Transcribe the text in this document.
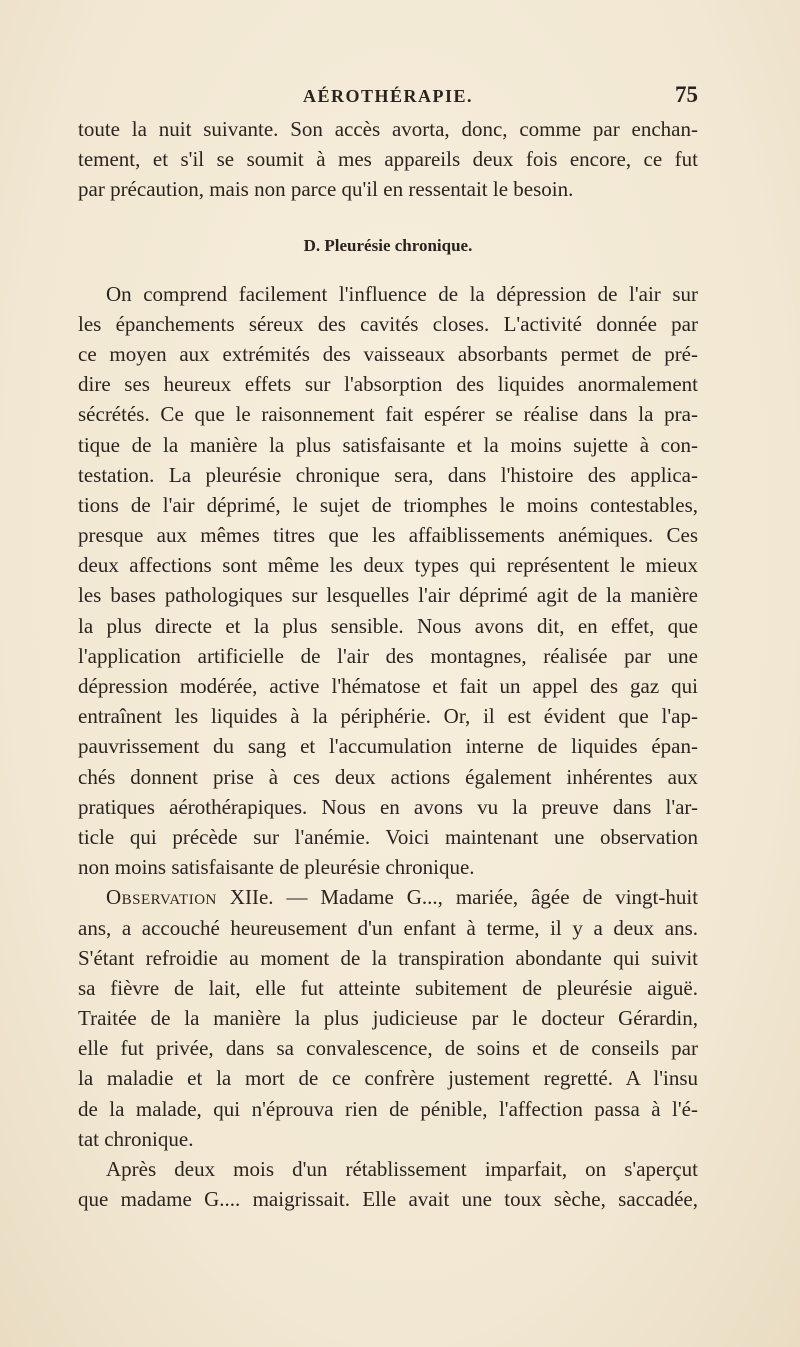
AÉROTHÉRAPIE.	75
toute la nuit suivante. Son accès avorta, donc, comme par enchan-
tement, et s'il se soumit à mes appareils deux fois encore, ce fut
par précaution, mais non parce qu'il en ressentait le besoin.
D. Pleurésie chronique.
On comprend facilement l'influence de la dépression de l'air sur
les épanchements séreux des cavités closes. L'activité donnée par
ce moyen aux extrémités des vaisseaux absorbants permet de pré-
dire ses heureux effets sur l'absorption des liquides anormalement
sécrétés. Ce que le raisonnement fait espérer se réalise dans la pra-
tique de la manière la plus satisfaisante et la moins sujette à con-
testation. La pleurésie chronique sera, dans l'histoire des applica-
tions de l'air déprimé, le sujet de triomphes le moins contestables,
presque aux mêmes titres que les affaiblissements anémiques. Ces
deux affections sont même les deux types qui représentent le mieux
les bases pathologiques sur lesquelles l'air déprimé agit de la manière
la plus directe et la plus sensible. Nous avons dit, en effet, que
l'application artificielle de l'air des montagnes, réalisée par une
dépression modérée, active l'hématose et fait un appel des gaz qui
entraînent les liquides à la périphérie. Or, il est évident que l'ap-
pauvrissement du sang et l'accumulation interne de liquides épan-
chés donnent prise à ces deux actions également inhérentes aux
pratiques aérothérapiques. Nous en avons vu la preuve dans l'ar-
ticle qui précède sur l'anémie. Voici maintenant une observation
non moins satisfaisante de pleurésie chronique.
Observation XIIe. — Madame G..., mariée, âgée de vingt-huit
ans, a accouché heureusement d'un enfant à terme, il y a deux ans.
S'étant refroidie au moment de la transpiration abondante qui suivit
sa fièvre de lait, elle fut atteinte subitement de pleurésie aiguë.
Traitée de la manière la plus judicieuse par le docteur Gérardin,
elle fut privée, dans sa convalescence, de soins et de conseils par
la maladie et la mort de ce confrère justement regretté. A l'insu
de la malade, qui n'éprouva rien de pénible, l'affection passa à l'é-
tat chronique.
Après deux mois d'un rétablissement imparfait, on s'aperçut
que madame G.... maigrissait. Elle avait une toux sèche, saccadée,
